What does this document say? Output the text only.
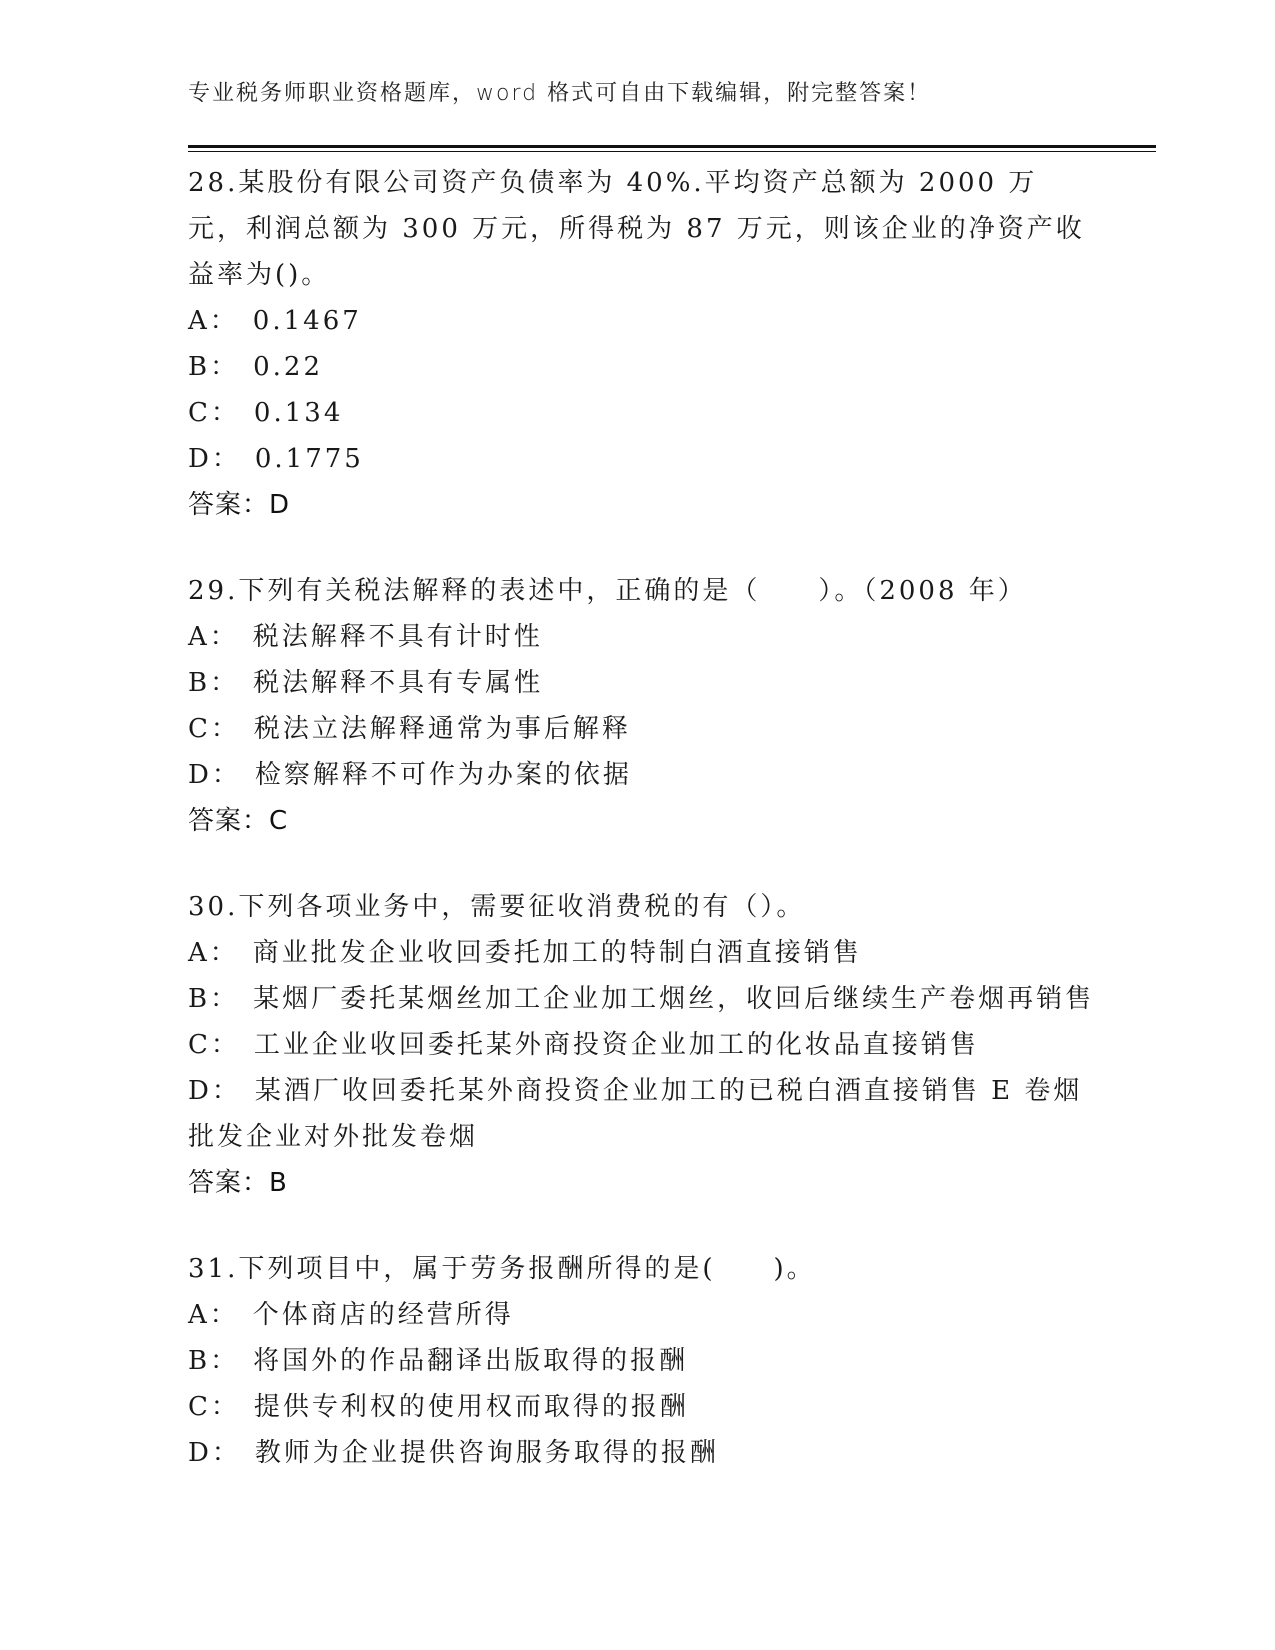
专业税务师职业资格题库，word 格式可自由下载编辑，附完整答案！

28.某股份有限公司资产负债率为 40%.平均资产总额为 2000 万元，利润总额为 300 万元，所得税为 87 万元，则该企业的净资产收益率为()。

A ： 0.1467
B ： 0.22
C ： 0.134
D ： 0.1775
答案：D

29.下列有关税法解释的表述中，正确的是（　　）。（2008 年）

A ： 税法解释不具有计时性
B ： 税法解释不具有专属性
C ： 税法立法解释通常为事后解释
D ： 检察解释不可作为办案的依据
答案：C

30.下列各项业务中，需要征收消费税的有（）。

A ： 商业批发企业收回委托加工的特制白酒直接销售
B ： 某烟厂委托某烟丝加工企业加工烟丝，收回后继续生产卷烟再销售
C ： 工业企业收回委托某外商投资企业加工的化妆品直接销售
D： 某酒厂收回委托某外商投资企业加工的已税白酒直接销售 E 卷烟批发企业对外批发卷烟
答案：B

31.下列项目中，属于劳务报酬所得的是(　　)。

A ： 个体商店的经营所得
B ： 将国外的作品翻译出版取得的报酬
C ： 提供专利权的使用权而取得的报酬
D ： 教师为企业提供咨询服务取得的报酬
